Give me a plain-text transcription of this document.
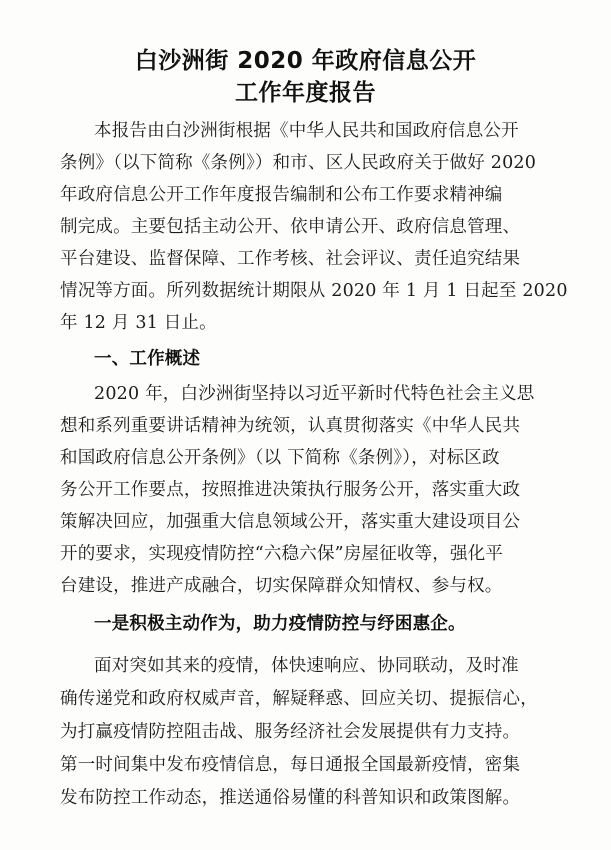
白沙洲街 2020 年政府信息公开
工作年度报告
本报告由白沙洲街根据《中华人民共和国政府信息公开
条例》（以下简称《条例》）和市、区人民政府关于做好 2020
年政府信息公开工作年度报告编制和公布工作要求精神编
制完成。主要包括主动公开、依申请公开、政府信息管理、
平台建设、监督保障、工作考核、社会评议、责任追究结果
情况等方面。所列数据统计期限从 2020 年 1 月 1 日起至 2020
年 12 月 31 日止。
一、工作概述
2020 年，白沙洲街坚持以习近平新时代特色社会主义思
想和系列重要讲话精神为统领，认真贯彻落实《中华人民共
和国政府信息公开条例》（以 下简称《条例》），对标区政
务公开工作要点，按照推进决策执行服务公开，落实重大政
策解决回应，加强重大信息领域公开，落实重大建设项目公
开的要求，实现疫情防控“六稳六保”房屋征收等，强化平
台建设，推进产成融合，切实保障群众知情权、参与权。
一是积极主动作为，助力疫情防控与纾困惠企。
面对突如其来的疫情，体快速响应、协同联动，及时准
确传递党和政府权威声音，解疑释惑、回应关切、提振信心，
为打赢疫情防控阻击战、服务经济社会发展提供有力支持。
第一时间集中发布疫情信息，每日通报全国最新疫情，密集
发布防控工作动态，推送通俗易懂的科普知识和政策图解。
